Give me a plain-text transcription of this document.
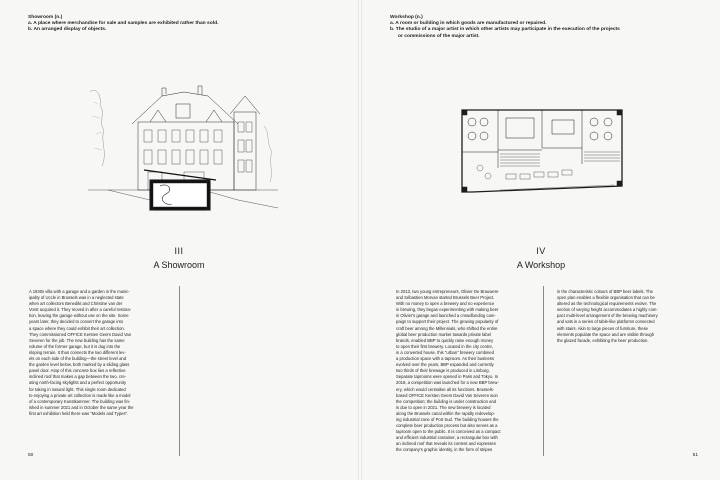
Showroom (n.)
a. A place where merchandise for sale and samples are exhibited rather than sold.
b. An arranged display of objects.
III
A Showroom
A 1930s villa with a garage and a garden in the munic-
ipality of Uccle in Brussels was in a neglected state
when art collectors Benedikt and Christine van der
Vorst acquired it. They moved in after a careful restora-
tion, leaving the garage without use on the site. Some
years later, they decided to convert the garage into
a space where they could exhibit their art collection.
They commissioned OFFICE Kersten Geers David Van
Severen for the job. The new building has the same
volume of the former garage, but it is dug into the
sloping terrain. It thus connects the two different lev-
els on each side of the building—the street level and
the garden level below, both marked by a sliding glass
panel door. Atop of this concrete box lies a reflective
inclined roof that makes a gap between the two, cre-
ating north-facing skylights and a perfect opportunity
for taking in natural light. This single room dedicated
to enjoying a private art collection is made like a model
of a contemporary Kunstkammer. The building was fin-
ished in summer 2021 and in October the same year the
first art exhibition held there was "Models and Types".
50
Workshop (n.)
a. A room or building in which goods are manufactured or repaired.
b. The studio of a major artist in which other artists may participate in the execution of the projects
or commissions of the major artist.
IV
A Workshop
In 2013, two young entrepreneurs, Olivier De Brauwere
and Sébastien Morvan started Brussels Beer Project.
With no money to open a brewery and no experience
in brewing, they began experimenting with making beer
in Olivier's garage and launched a crowdfunding cam-
paign to support their project. The growing popularity of
craft beer among the Millennials, who shifted the entire
global beer production market towards private label
brands, enabled BBP to quickly raise enough money
to open their first brewery. Located in the city centre,
in a converted house, this "urban" brewery combined
a production space with a taproom. As their business
evolved over the years, BBP expanded and currently
two thirds of their brewage is produced in Limburg.
Separate taprooms were opened in Paris and Tokyo. In
2018, a competition was launched for a new BBP brew-
ery, which would centralise all its functions. Brussels-
based OFFICE Kersten Geers David Van Severen won
the competition; the building is under construction and
is due to open in 2021. The new brewery is located
along the Brussels canal within the rapidly redevelop-
ing industrial zone of Port Sud. The building houses the
complete beer production process but also serves as a
taproom open to the public. It is conceived as a compact
and efficient industrial container, a rectangular box with
an inclined roof that reveals its content and expresses
the company's graphic identity, in the form of stripes
in the characteristic colours of BBP beer labels. The
open plan enables a flexible organisation that can be
altered as the technological requirements evolve. The
section of varying height accommodates a highly com-
pact multi-level arrangement of the brewing machinery
and vats in a series of table-like platforms connected
with stairs. Akin to large pieces of furniture, these
elements populate the space and are visible through
the glazed facade, exhibiting the beer production.
51
